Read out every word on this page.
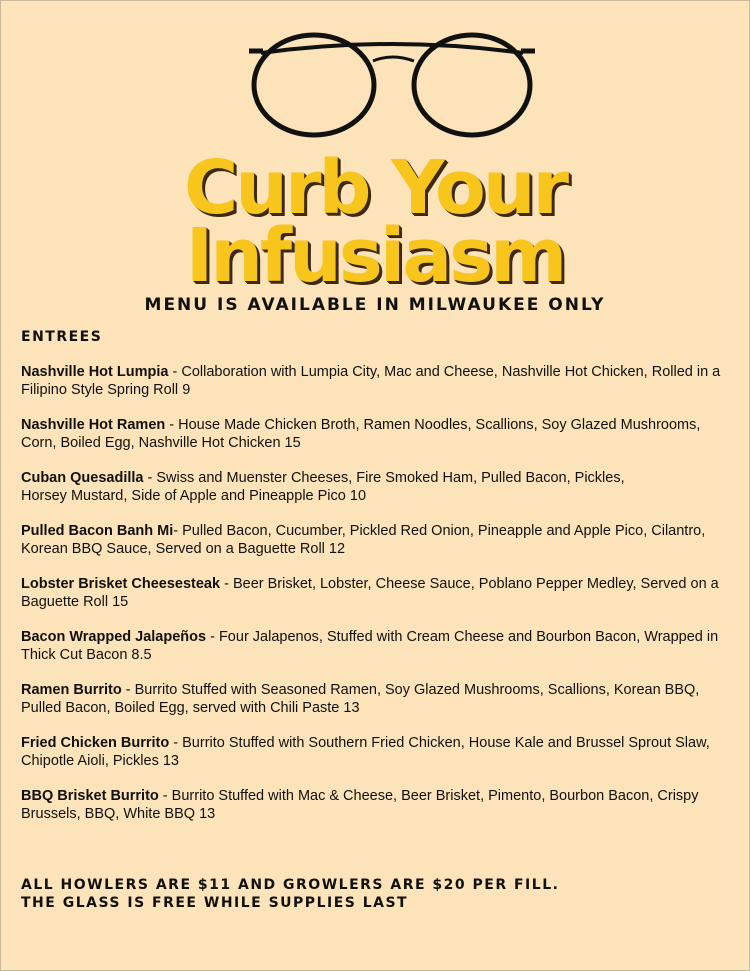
Curb Your
Infusiasm
MENU IS AVAILABLE IN MILWAUKEE ONLY
ENTREES

Nashville Hot Lumpia - Collaboration with Lumpia City, Mac and Cheese, Nashville Hot Chicken, Rolled in a Filipino Style Spring Roll 9

Nashville Hot Ramen - House Made Chicken Broth, Ramen Noodles, Scallions, Soy Glazed Mushrooms, Corn, Boiled Egg, Nashville Hot Chicken 15

Cuban Quesadilla - Swiss and Muenster Cheeses, Fire Smoked Ham, Pulled Bacon, Pickles,
Horsey Mustard, Side of Apple and Pineapple Pico 10

Pulled Bacon Banh Mi- Pulled Bacon, Cucumber, Pickled Red Onion, Pineapple and Apple Pico, Cilantro, Korean BBQ Sauce, Served on a Baguette Roll 12

Lobster Brisket Cheesesteak - Beer Brisket, Lobster, Cheese Sauce, Poblano Pepper Medley, Served on a Baguette Roll 15

Bacon Wrapped Jalapeños - Four Jalapenos, Stuffed with Cream Cheese and Bourbon Bacon, Wrapped in Thick Cut Bacon 8.5

Ramen Burrito - Burrito Stuffed with Seasoned Ramen, Soy Glazed Mushrooms, Scallions, Korean BBQ, Pulled Bacon, Boiled Egg, served with Chili Paste 13

Fried Chicken Burrito - Burrito Stuffed with Southern Fried Chicken, House Kale and Brussel Sprout Slaw, Chipotle Aioli, Pickles 13

BBQ Brisket Burrito - Burrito Stuffed with Mac & Cheese, Beer Brisket, Pimento, Bourbon Bacon, Crispy Brussels, BBQ, White BBQ 13

ALL HOWLERS ARE $11 AND GROWLERS ARE $20 PER FILL.
THE GLASS IS FREE WHILE SUPPLIES LAST
